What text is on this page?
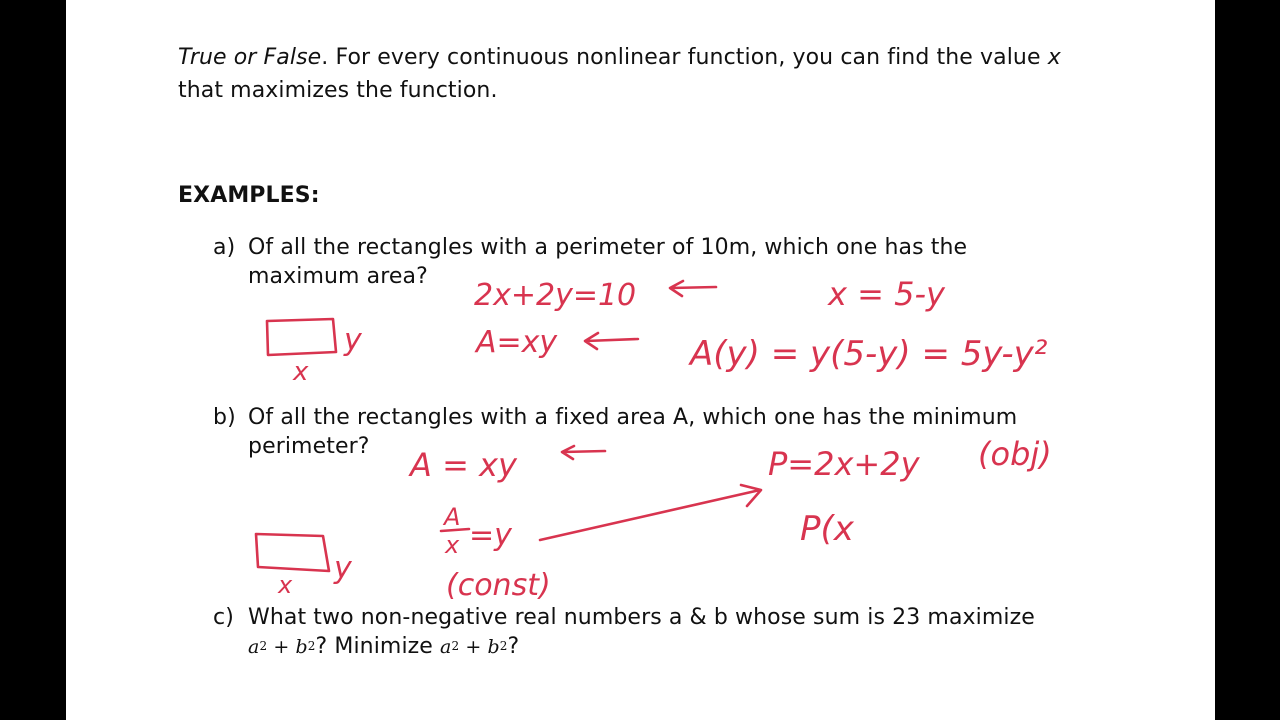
True or False. For every continuous nonlinear function, you can find the value x
that maximizes the function.
EXAMPLES:
a) Of all the rectangles with a perimeter of 10m, which one has the
maximum area?
b) Of all the rectangles with a fixed area A, which one has the minimum
perimeter?
c) What two non-negative real numbers a & b whose sum is 23 maximize
$a^2 + b^2$? Minimize $a^2 + b^2$?
2x+2y=10	x = 5-y
A=xy	A(y) = y(5-y) = 5y-y²
y
x
A = xy	P=2x+2y (obj)
A
x =y
(const)
P(x
y
x
